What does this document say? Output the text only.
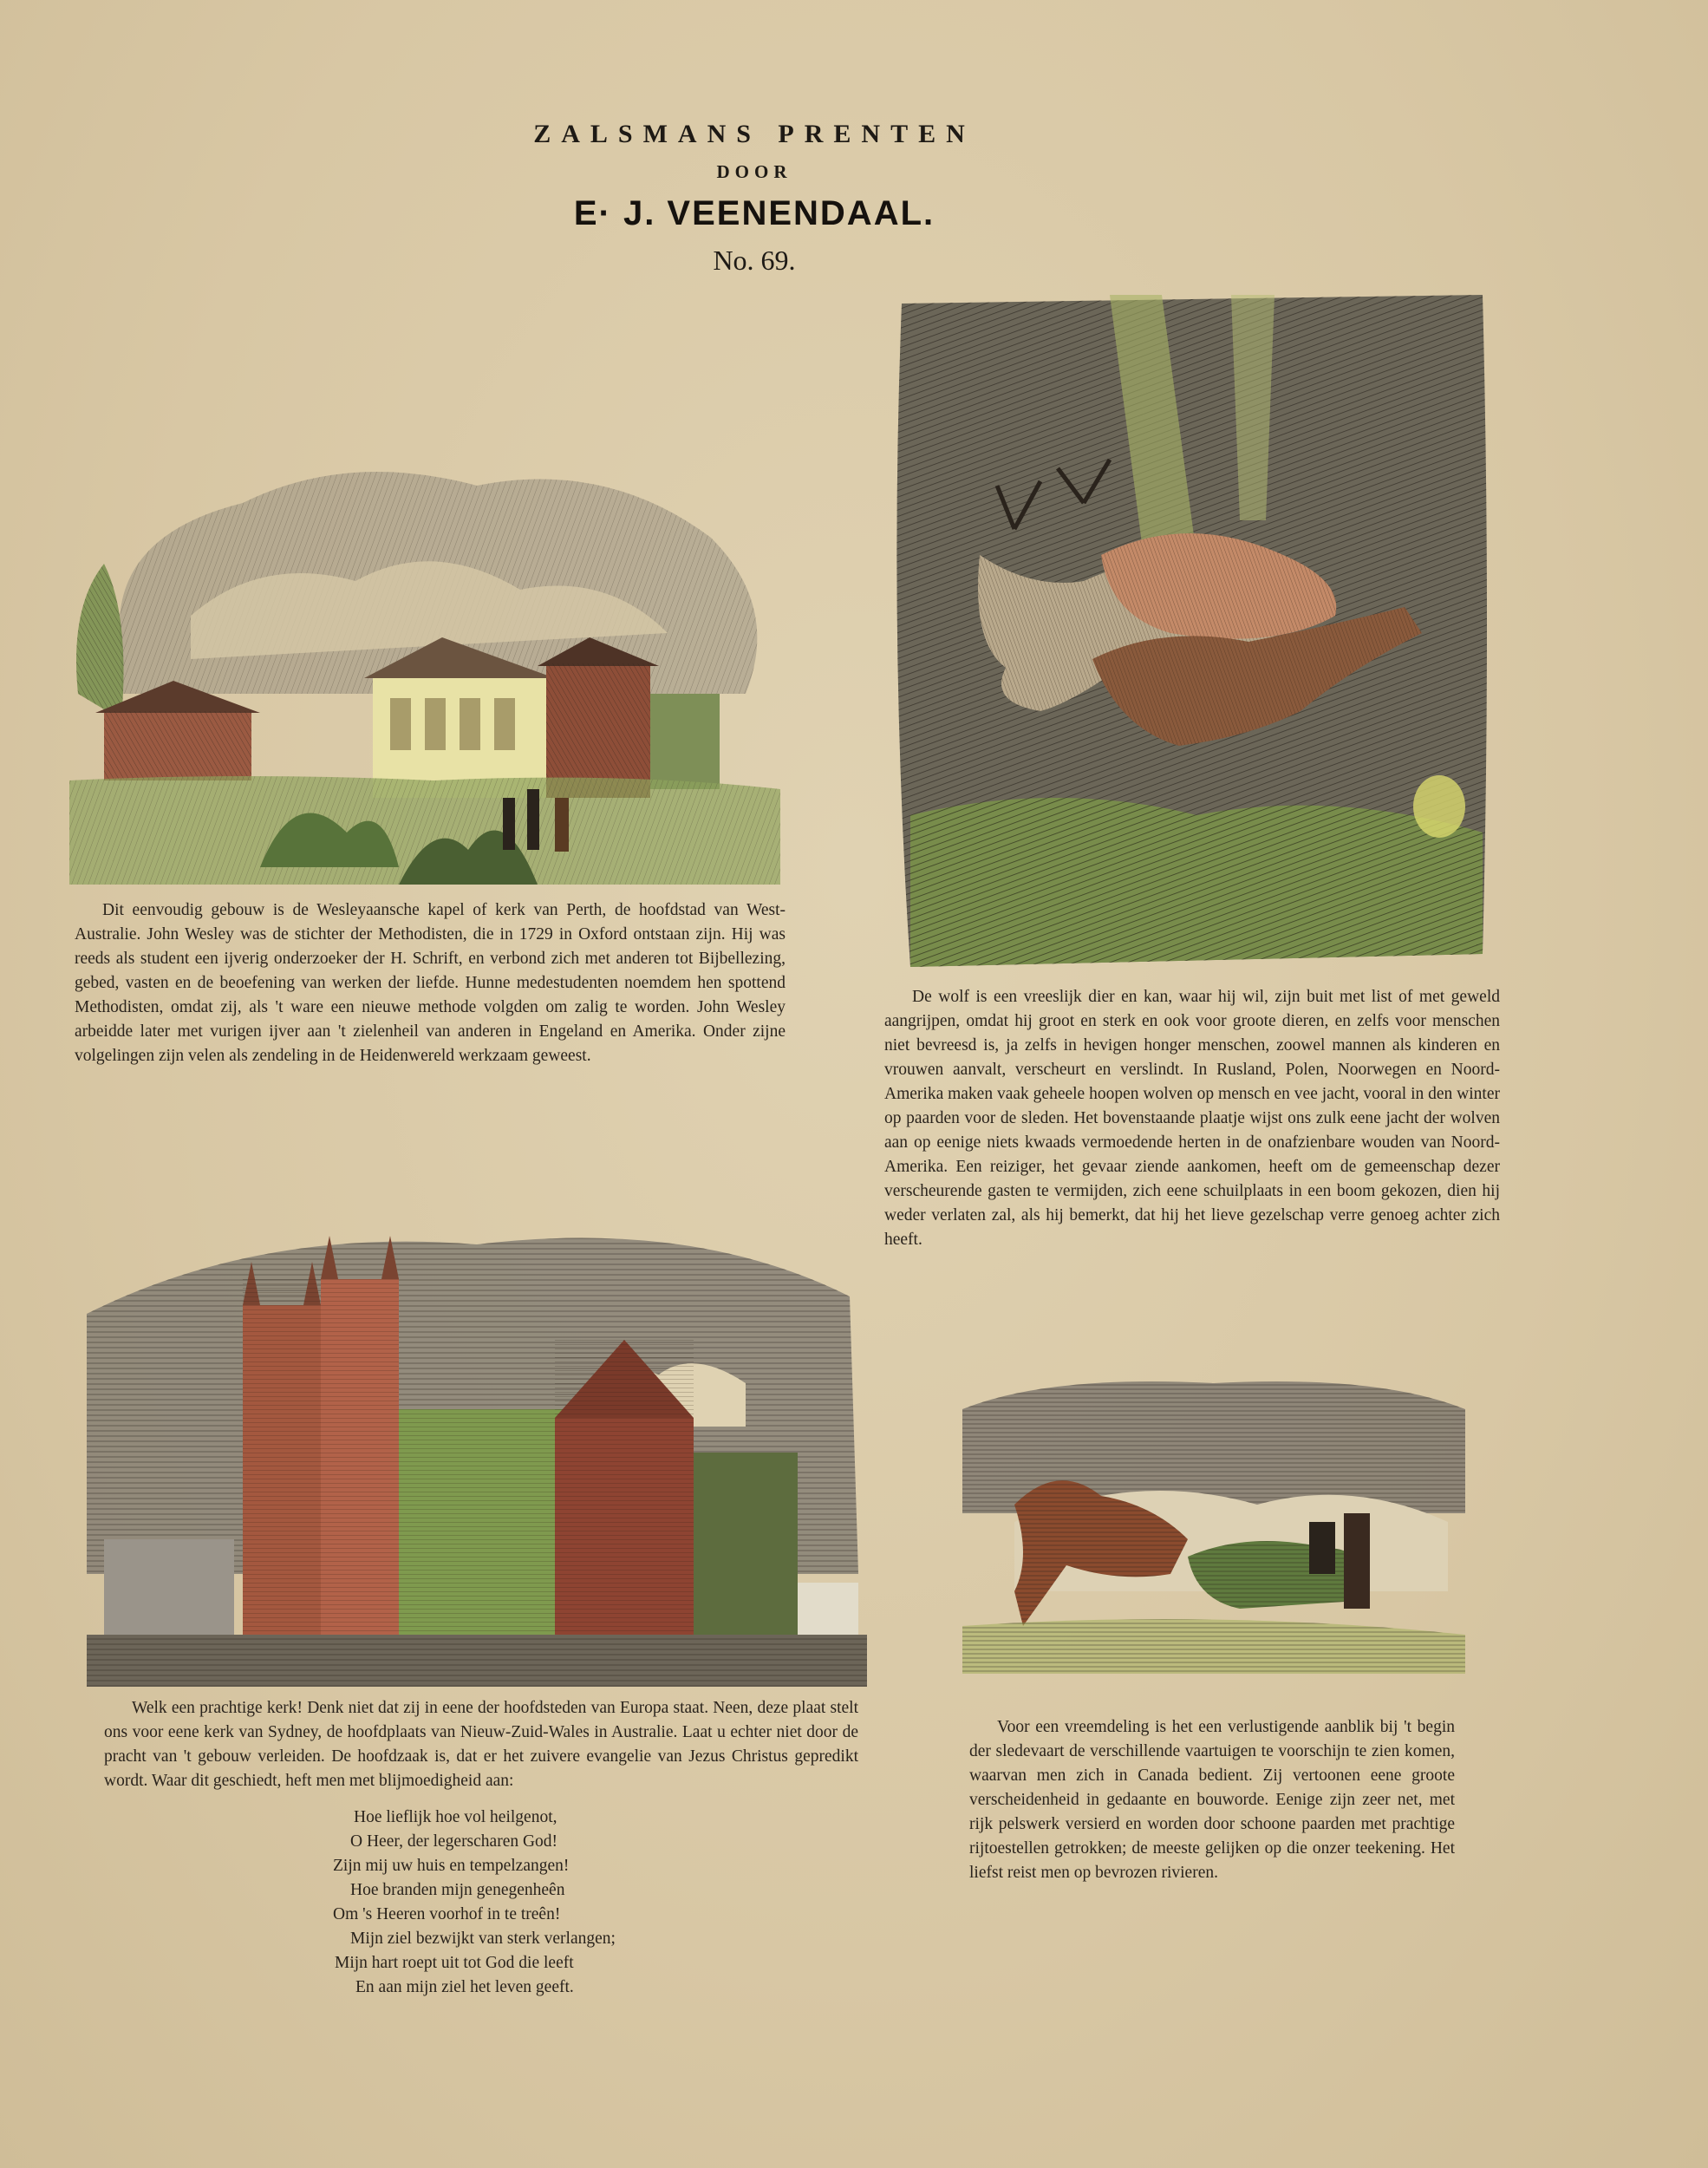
ZALSMANS PRENTEN
DOOR
E· J. VEENENDAAL.
No. 69.

Dit eenvoudig gebouw is de Wesleyaansche kapel of kerk van Perth, de hoofdstad van West-Australie. John Wesley was de stichter der Methodisten, die in 1729 in Oxford ontstaan zijn. Hij was reeds als student een ijverig onderzoeker der H. Schrift, en verbond zich met anderen tot Bijbellezing, gebed, vasten en de beoefening van werken der liefde. Hunne medestudenten noemdem hen spottend Methodisten, omdat zij, als 't ware een nieuwe methode volgden om zalig te worden. John Wesley arbeidde later met vurigen ijver aan 't zielenheil van anderen in Engeland en Amerika. Onder zijne volgelingen zijn velen als zendeling in de Heidenwereld werkzaam geweest.

De wolf is een vreeslijk dier en kan, waar hij wil, zijn buit met list of met geweld aangrijpen, omdat hij groot en sterk en ook voor groote dieren, en zelfs voor menschen niet bevreesd is, ja zelfs in hevigen honger menschen, zoowel mannen als kinderen en vrouwen aanvalt, verscheurt en verslindt. In Rusland, Polen, Noorwegen en Noord-Amerika maken vaak geheele hoopen wolven op mensch en vee jacht, vooral in den winter op paarden voor de sleden. Het bovenstaande plaatje wijst ons zulk eene jacht der wolven aan op eenige niets kwaads vermoedende herten in de onafzienbare wouden van Noord-Amerika. Een reiziger, het gevaar ziende aankomen, heeft om de gemeenschap dezer verscheurende gasten te vermijden, zich eene schuilplaats in een boom gekozen, dien hij weder verlaten zal, als hij bemerkt, dat hij het lieve gezelschap verre genoeg achter zich heeft.

Welk een prachtige kerk! Denk niet dat zij in eene der hoofdsteden van Europa staat. Neen, deze plaat stelt ons voor eene kerk van Sydney, de hoofdplaats van Nieuw-Zuid-Wales in Australie. Laat u echter niet door de pracht van 't gebouw verleiden. De hoofdzaak is, dat er het zuivere evangelie van Jezus Christus gepredikt wordt. Waar dit geschiedt, heft men met blijmoedigheid aan:

Hoe lieflijk hoe vol heilgenot,
O Heer, der legerscharen God!
Zijn mij uw huis en tempelzangen!
Hoe branden mijn genegenheên
Om 's Heeren voorhof in te treên!
Mijn ziel bezwijkt van sterk verlangen;
Mijn hart roept uit tot God die leeft
En aan mijn ziel het leven geeft.

Voor een vreemdeling is het een verlustigende aanblik bij 't begin der sledevaart de verschillende vaartuigen te voorschijn te zien komen, waarvan men zich in Canada bedient. Zij vertoonen eene groote verscheidenheid in gedaante en bouworde. Eenige zijn zeer net, met rijk pelswerk versierd en worden door schoone paarden met prachtige rijtoestellen getrokken; de meeste gelijken op die onzer teekening. Het liefst reist men op bevrozen rivieren.
